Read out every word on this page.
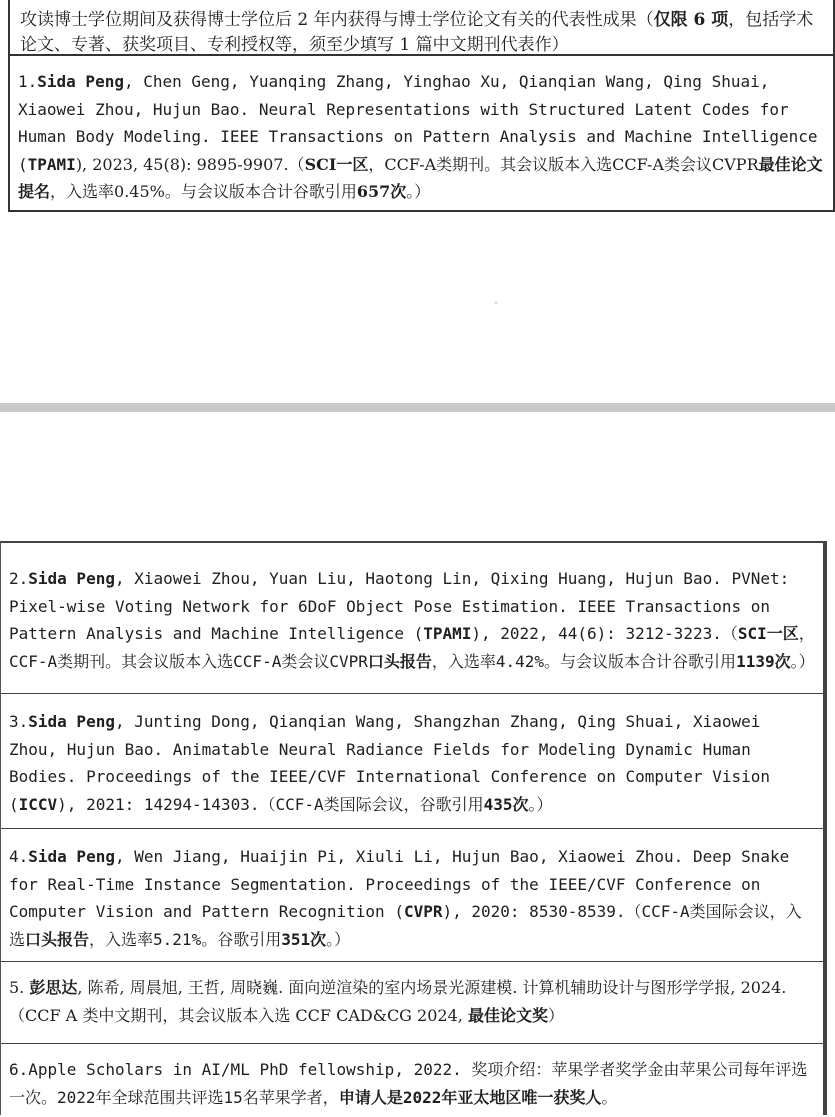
攻读博士学位期间及获得博士学位后 2 年内获得与博士学位论文有关的代表性成果（仅限 6 项，包括学术论文、专著、获奖项目、专利授权等，须至少填写 1 篇中文期刊代表作）

1.Sida Peng, Chen Geng, Yuanqing Zhang, Yinghao Xu, Qianqian Wang, Qing Shuai, Xiaowei Zhou, Hujun Bao. Neural Representations with Structured Latent Codes for Human Body Modeling. IEEE Transactions on Pattern Analysis and Machine Intelligence (TPAMI), 2023, 45(8): 9895-9907.（SCI一区，CCF-A类期刊。其会议版本入选CCF-A类会议CVPR最佳论文提名，入选率0.45%。与会议版本合计谷歌引用657次。）

2.Sida Peng, Xiaowei Zhou, Yuan Liu, Haotong Lin, Qixing Huang, Hujun Bao. PVNet: Pixel-wise Voting Network for 6DoF Object Pose Estimation. IEEE Transactions on Pattern Analysis and Machine Intelligence (TPAMI), 2022, 44(6): 3212-3223.（SCI一区，CCF-A类期刊。其会议版本入选CCF-A类会议CVPR口头报告，入选率4.42%。与会议版本合计谷歌引用1139次。）

3.Sida Peng, Junting Dong, Qianqian Wang, Shangzhan Zhang, Qing Shuai, Xiaowei Zhou, Hujun Bao. Animatable Neural Radiance Fields for Modeling Dynamic Human Bodies. Proceedings of the IEEE/CVF International Conference on Computer Vision (ICCV), 2021: 14294-14303.（CCF-A类国际会议，谷歌引用435次。）

4.Sida Peng, Wen Jiang, Huaijin Pi, Xiuli Li, Hujun Bao, Xiaowei Zhou. Deep Snake for Real-Time Instance Segmentation. Proceedings of the IEEE/CVF Conference on Computer Vision and Pattern Recognition (CVPR), 2020: 8530-8539.（CCF-A类国际会议，入选口头报告，入选率5.21%。谷歌引用351次。）

5. 彭思达, 陈希, 周晨旭, 王哲, 周晓巍. 面向逆渲染的室内场景光源建模. 计算机辅助设计与图形学学报, 2024.（CCF A 类中文期刊，其会议版本入选 CCF CAD&CG 2024, 最佳论文奖）

6.Apple Scholars in AI/ML PhD fellowship, 2022. 奖项介绍：苹果学者奖学金由苹果公司每年评选一次。2022年全球范围共评选15名苹果学者，申请人是2022年亚太地区唯一获奖人。
